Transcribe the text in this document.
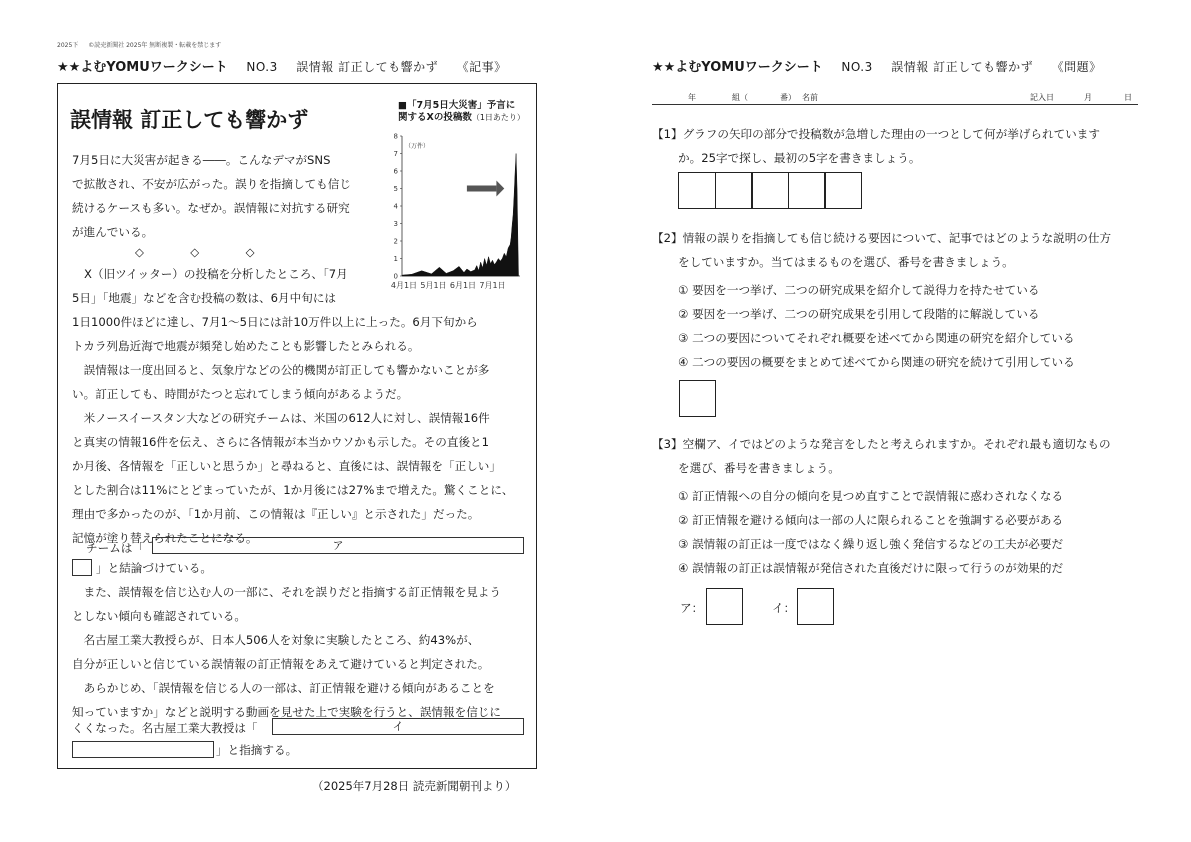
2025下 ©読売新聞社 2025年 無断複製・転載を禁じます
★★よむYOMUワークシート NO.3 誤情報 訂正しても響かず 《記事》
誤情報 訂正しても響かず
7月5日に大災害が起きる――。こんなデマがSNS
で拡散され、不安が広がった。誤りを指摘しても信じ
続けるケースも多い。なぜか。誤情報に対抗する研究
が進んでいる。
◇　　　　◇　　　　◇
X（旧ツイッター）の投稿を分析したところ、「7月
5日」「地震」などを含む投稿の数は、6月中旬には
1日1000件ほどに達し、7月1〜5日には計10万件以上に上った。6月下旬から
トカラ列島近海で地震が頻発し始めたことも影響したとみられる。
　誤情報は一度出回ると、気象庁などの公的機関が訂正しても響かないことが多
い。訂正しても、時間がたつと忘れてしまう傾向があるようだ。
　米ノースイースタン大などの研究チームは、米国の612人に対し、誤情報16件
と真実の情報16件を伝え、さらに各情報が本当かウソかも示した。その直後と1
か月後、各情報を「正しいと思うか」と尋ねると、直後には、誤情報を「正しい」
とした割合は11%にとどまっていたが、1か月後には27%まで増えた。驚くことに、
理由で多かったのが、「1か月前、この情報は『正しい』と示された」だった。
記憶が塗り替えられたことになる。
チームは「	ア
」と結論づけている。
　また、誤情報を信じ込む人の一部に、それを誤りだと指摘する訂正情報を見よう
としない傾向も確認されている。
　名古屋工業大教授らが、日本人506人を対象に実験したところ、約43%が、
自分が正しいと信じている誤情報の訂正情報をあえて避けていると判定された。
　あらかじめ、「誤情報を信じる人の一部は、訂正情報を避ける傾向があることを
知っていますか」などと説明する動画を見せた上で実験を行うと、誤情報を信じに
くくなった。名古屋工業大教授は「	イ
」と指摘する。
（2025年7月28日 読売新聞朝刊より）
■「7月5日大災害」予言に
関するXの投稿数（1日あたり）
0
1
2
3
4
5
6
7
8
（万件）
4月1日 5月1日 6月1日 7月1日
★★よむYOMUワークシート NO.3 誤情報 訂正しても響かず 《問題》
年	組（	番） 名前	記入日	月	日
【1】グラフの矢印の部分で投稿数が急増した理由の一つとして何が挙げられています
か。25字で探し、最初の5字を書きましょう。
【2】情報の誤りを指摘しても信じ続ける要因について、記事ではどのような説明の仕方
をしていますか。当てはまるものを選び、番号を書きましょう。
① 要因を一つ挙げ、二つの研究成果を紹介して説得力を持たせている
② 要因を一つ挙げ、二つの研究成果を引用して段階的に解説している
③ 二つの要因についてそれぞれ概要を述べてから関連の研究を紹介している
④ 二つの要因の概要をまとめて述べてから関連の研究を続けて引用している
【3】空欄ア、イではどのような発言をしたと考えられますか。それぞれ最も適切なもの
を選び、番号を書きましょう。
① 訂正情報への自分の傾向を見つめ直すことで誤情報に惑わされなくなる
② 訂正情報を避ける傾向は一部の人に限られることを強調する必要がある
③ 誤情報の訂正は一度ではなく繰り返し強く発信するなどの工夫が必要だ
④ 誤情報の訂正は誤情報が発信された直後だけに限って行うのが効果的だ
ア：	イ：
